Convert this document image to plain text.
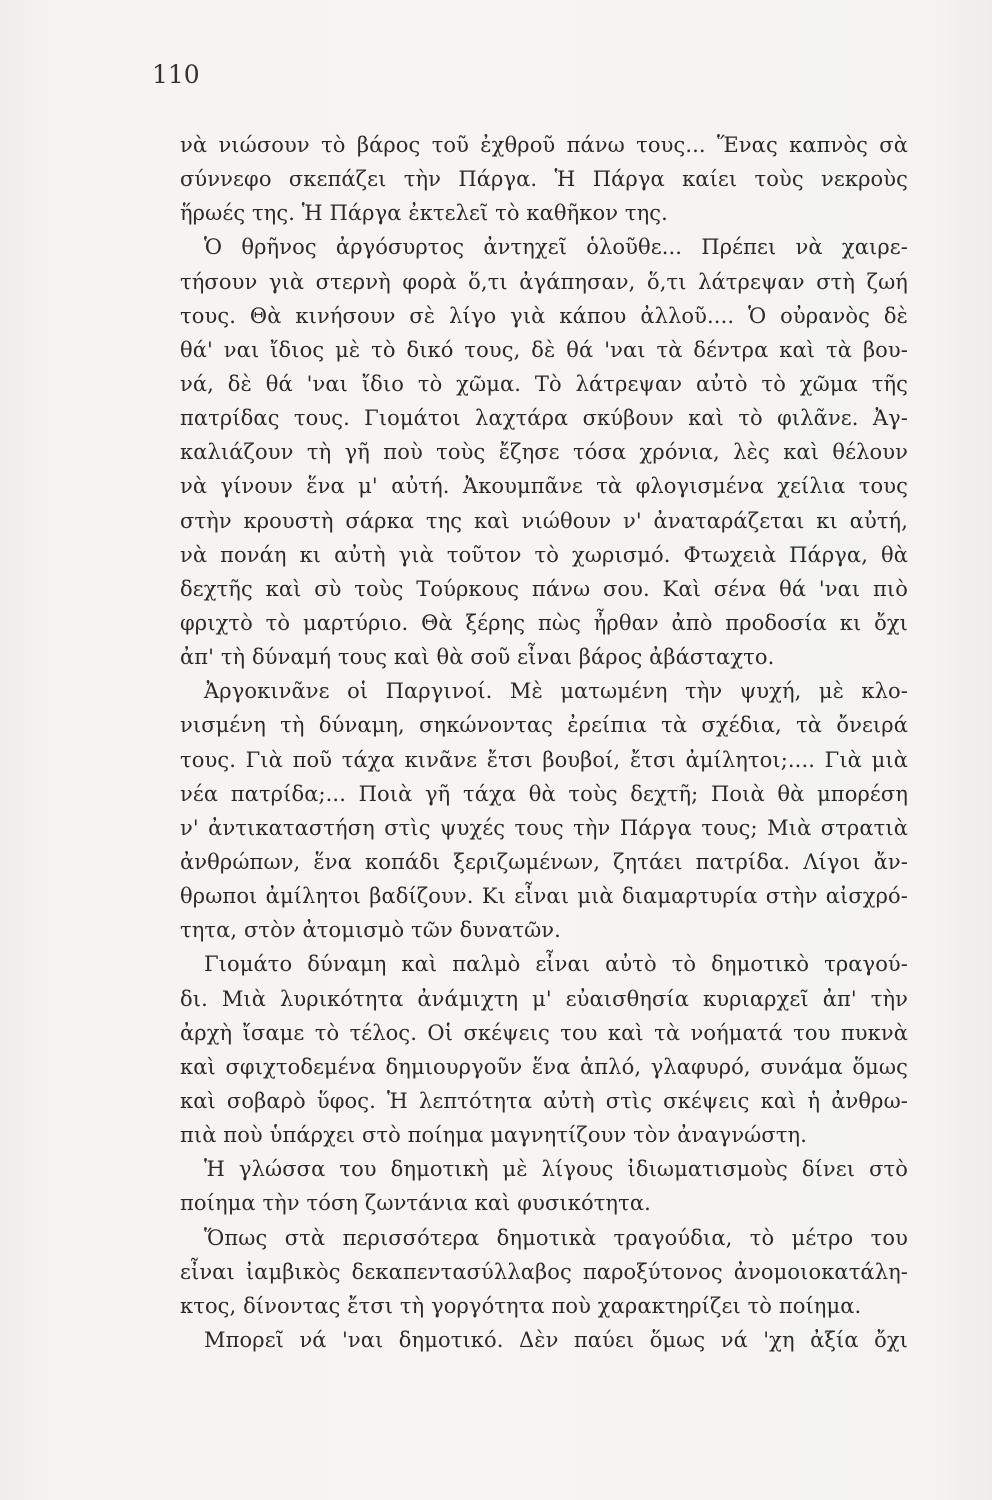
110
νὰ νιώσουν τὸ βάρος τοῦ ἐχθροῦ πάνω τους... Ἕνας καπνὸς σὰ
σύννεφο σκεπάζει τὴν Πάργα. Ἡ Πάργα καίει τοὺς νεκροὺς
ἥρωές της. Ἡ Πάργα ἐκτελεῖ τὸ καθῆκον της.
Ὁ θρῆνος ἀργόσυρτος ἀντηχεῖ ὁλοῦθε... Πρέπει νὰ χαιρε-
τήσουν γιὰ στερνὴ φορὰ ὅ,τι ἀγάπησαν, ὅ,τι λάτρεψαν στὴ ζωή
τους. Θὰ κινήσουν σὲ λίγο γιὰ κάπου ἀλλοῦ.... Ὁ οὐρανὸς δὲ
θά' ναι ἴδιος μὲ τὸ δικό τους, δὲ θά 'ναι τὰ δέντρα καὶ τὰ βου-
νά, δὲ θά 'ναι ἴδιο τὸ χῶμα. Τὸ λάτρεψαν αὐτὸ τὸ χῶμα τῆς
πατρίδας τους. Γιομάτοι λαχτάρα σκύβουν καὶ τὸ φιλᾶνε. Ἀγ-
καλιάζουν τὴ γῆ ποὺ τοὺς ἔζησε τόσα χρόνια, λὲς καὶ θέλουν
νὰ γίνουν ἕνα μ' αὐτή. Ἀκουμπᾶνε τὰ φλογισμένα χείλια τους
στὴν κρουστὴ σάρκα της καὶ νιώθουν ν' ἀναταράζεται κι αὐτή,
νὰ πονάη κι αὐτὴ γιὰ τοῦτον τὸ χωρισμό. Φτωχειὰ Πάργα, θὰ
δεχτῆς καὶ σὺ τοὺς Τούρκους πάνω σου. Καὶ σένα θά 'ναι πιὸ
φριχτὸ τὸ μαρτύριο. Θὰ ξέρης πὼς ἦρθαν ἀπὸ προδοσία κι ὄχι
ἀπ' τὴ δύναμή τους καὶ θὰ σοῦ εἶναι βάρος ἀβάσταχτο.
Ἀργοκινᾶνε οἱ Παργινοί. Μὲ ματωμένη τὴν ψυχή, μὲ κλο-
νισμένη τὴ δύναμη, σηκώνοντας ἐρείπια τὰ σχέδια, τὰ ὄνειρά
τους. Γιὰ ποῦ τάχα κινᾶνε ἔτσι βουβοί, ἔτσι ἀμίλητοι;.... Γιὰ μιὰ
νέα πατρίδα;... Ποιὰ γῆ τάχα θὰ τοὺς δεχτῆ; Ποιὰ θὰ μπορέση
ν' ἀντικαταστήση στὶς ψυχές τους τὴν Πάργα τους; Μιὰ στρατιὰ
ἀνθρώπων, ἕνα κοπάδι ξεριζωμένων, ζητάει πατρίδα. Λίγοι ἄν-
θρωποι ἀμίλητοι βαδίζουν. Κι εἶναι μιὰ διαμαρτυρία στὴν αἰσχρό-
τητα, στὸν ἀτομισμὸ τῶν δυνατῶν.
Γιομάτο δύναμη καὶ παλμὸ εἶναι αὐτὸ τὸ δημοτικὸ τραγού-
δι. Μιὰ λυρικότητα ἀνάμιχτη μ' εὐαισθησία κυριαρχεῖ ἀπ' τὴν
ἀρχὴ ἴσαμε τὸ τέλος. Οἱ σκέψεις του καὶ τὰ νοήματά του πυκνὰ
καὶ σφιχτοδεμένα δημιουργοῦν ἕνα ἁπλό, γλαφυρό, συνάμα ὅμως
καὶ σοβαρὸ ὕφος. Ἡ λεπτότητα αὐτὴ στὶς σκέψεις καὶ ἡ ἀνθρω-
πιὰ ποὺ ὑπάρχει στὸ ποίημα μαγνητίζουν τὸν ἀναγνώστη.
Ἡ γλώσσα του δημοτικὴ μὲ λίγους ἰδιωματισμοὺς δίνει στὸ
ποίημα τὴν τόση ζωντάνια καὶ φυσικότητα.
Ὅπως στὰ περισσότερα δημοτικὰ τραγούδια, τὸ μέτρο του
εἶναι ἰαμβικὸς δεκαπεντασύλλαβος παροξύτονος ἀνομοιοκατάλη-
κτος, δίνοντας ἔτσι τὴ γοργότητα ποὺ χαρακτηρίζει τὸ ποίημα.
Μπορεῖ νά 'ναι δημοτικό. Δὲν παύει ὅμως νά 'χη ἀξία ὄχι
